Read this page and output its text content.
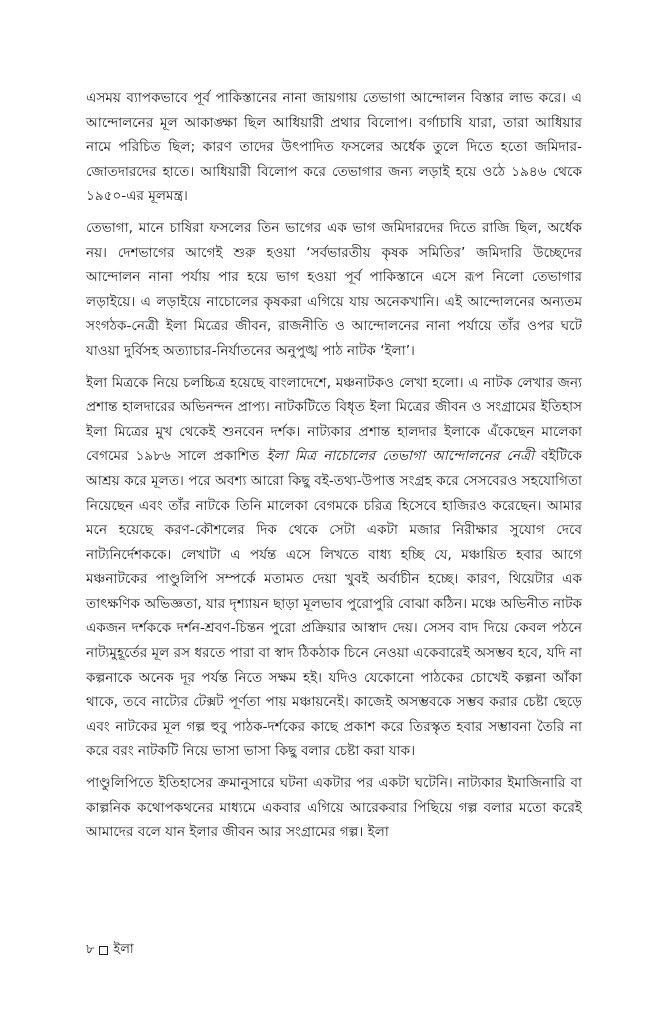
এসময় ব্যাপকভাবে পূর্ব পাকিস্তানের নানা জায়গায় তেভাগা আন্দোলন বিস্তার লাভ করে। এ আন্দোলনের মূল আকাঙ্ক্ষা ছিল আধিয়ারী প্রথার বিলোপ। বর্গাচাষি যারা, তারা আধিয়ার নামে পরিচিত ছিল; কারণ তাদের উৎপাদিত ফসলের অর্ধেক তুলে দিতে হতো জমিদার-জোতদারদের হাতে। আধিয়ারী বিলোপ করে তেভাগার জন্য লড়াই হয়ে ওঠে ১৯৪৬ থেকে ১৯৫০-এর মূলমন্ত্র।

তেভাগা, মানে চাষিরা ফসলের তিন ভাগের এক ভাগ জমিদারদের দিতে রাজি ছিল, অর্ধেক নয়। দেশভাগের আগেই শুরু হওয়া ‘সর্বভারতীয় কৃষক সমিতির’ জমিদারি উচ্ছেদের আন্দোলন নানা পর্যায় পার হয়ে ভাগ হওয়া পূর্ব পাকিস্তানে এসে রূপ নিলো তেভাগার লড়াইয়ে। এ লড়াইয়ে নাচোলের কৃষকরা এগিয়ে যায় অনেকখানি। এই আন্দোলনের অন্যতম সংগঠক-নেত্রী ইলা মিত্রের জীবন, রাজনীতি ও আন্দোলনের নানা পর্যায়ে তাঁর ওপর ঘটে যাওয়া দুর্বিসহ অত্যাচার-নির্যাতনের অনুপুঙ্খ পাঠ নাটক ‘ইলা’।

ইলা মিত্রকে নিয়ে চলচ্চিত্র হয়েছে বাংলাদেশে, মঞ্চনাটকও লেখা হলো। এ নাটক লেখার জন্য প্রশান্ত হালদারের অভিনন্দন প্রাপ্য। নাটকটিতে বিধৃত ইলা মিত্রের জীবন ও সংগ্রামের ইতিহাস ইলা মিত্রের মুখ থেকেই শুনবেন দর্শক। নাট্যকার প্রশান্ত হালদার ইলাকে এঁকেছেন মালেকা বেগমের ১৯৮৬ সালে প্রকাশিত ইলা মিত্র নাচোলের তেভাগা আন্দোলনের নেত্রী বইটিকে আশ্রয় করে মূলত। পরে অবশ্য আরো কিছু বই-তথ্য-উপাত্ত সংগ্রহ করে সেসবেরও সহযোগিতা নিয়েছেন এবং তাঁর নাটকে তিনি মালেকা বেগমকে চরিত্র হিসেবে হাজিরও করেছেন। আমার মনে হয়েছে করণ-কৌশলের দিক থেকে সেটা একটা মজার নিরীক্ষার সুযোগ দেবে নাট্যনির্দেশককে। লেখাটা এ পর্যন্ত এসে লিখতে বাধ্য হচ্ছি যে, মঞ্চায়িত হবার আগে মঞ্চনাটকের পাণ্ডুলিপি সম্পর্কে মতামত দেয়া খুবই অর্বাচীন হচ্ছে। কারণ, থিয়েটার এক তাৎক্ষণিক অভিজ্ঞতা, যার দৃশ্যায়ন ছাড়া মূলভাব পুরোপুরি বোঝা কঠিন। মঞ্চে অভিনীত নাটক একজন দর্শককে দর্শন-শ্রবণ-চিন্তন পুরো প্রক্রিয়ার আস্বাদ দেয়। সেসব বাদ দিয়ে কেবল পঠনে নাট্যমুহূর্তের মূল রস ধরতে পারা বা স্বাদ ঠিকঠাক চিনে নেওয়া একেবারেই অসম্ভব হবে, যদি না কল্পনাকে অনেক দূর পর্যন্ত নিতে সক্ষম হই। যদিও যেকোনো পাঠকের চোখেই কল্পনা আঁকা থাকে, তবে নাট্যের টেক্সট পূর্ণতা পায় মঞ্চায়নেই। কাজেই অসম্ভবকে সম্ভব করার চেষ্টা ছেড়ে এবং নাটকের মূল গল্প হুবু পাঠক-দর্শকের কাছে প্রকাশ করে তিরস্কৃত হবার সম্ভাবনা তৈরি না করে বরং নাটকটি নিয়ে ভাসা ভাসা কিছু বলার চেষ্টা করা যাক।

পাণ্ডুলিপিতে ইতিহাসের ক্রমানুসারে ঘটনা একটার পর একটা ঘটেনি। নাট্যকার ইমাজিনারি বা কাল্পনিক কথোপকথনের মাধ্যমে একবার এগিয়ে আরেকবার পিছিয়ে গল্প বলার মতো করেই আমাদের বলে যান ইলার জীবন আর সংগ্রামের গল্প। ইলা

৮ ইলা
